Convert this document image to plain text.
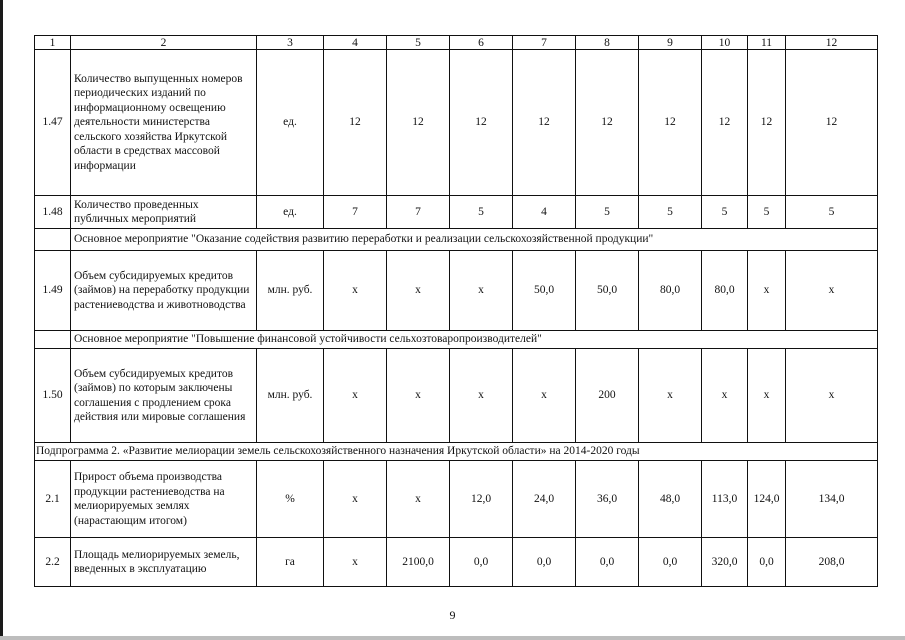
1	2	3	4	5	6	7	8	9	10	11	12
1.47	Количество выпущенных номеров периодических изданий по информационному освещению деятельности министерства сельского хозяйства Иркутской области в средствах массовой информации	ед.	12	12	12	12	12	12	12	12	12
1.48	Количество проведенных публичных мероприятий	ед.	7	7	5	4	5	5	5	5	5
	Основное мероприятие "Оказание содействия развитию переработки и реализации сельскохозяйственной продукции"										
1.49	Объем субсидируемых кредитов (займов) на переработку продукции растениеводства и животноводства	млн. руб.	х	х	х	50,0	50,0	80,0	80,0	х	х
	Основное мероприятие "Повышение финансовой устойчивости сельхозтоваропроизводителей"										
1.50	Объем субсидируемых кредитов (займов) по которым заключены соглашения с продлением срока действия или мировые соглашения	млн. руб.	х	х	х	х	200	х	х	х	х
Подпрограмма 2. «Развитие мелиорации земель сельскохозяйственного назначения Иркутской области» на 2014-2020 годы											
2.1	Прирост объема производства продукции растениеводства на мелиорируемых землях (нарастающим итогом)	%	х	х	12,0	24,0	36,0	48,0	113,0	124,0	134,0
2.2	Площадь мелиорируемых земель, введенных в эксплуатацию	га	х	2100,0	0,0	0,0	0,0	0,0	320,0	0,0	208,0
9
